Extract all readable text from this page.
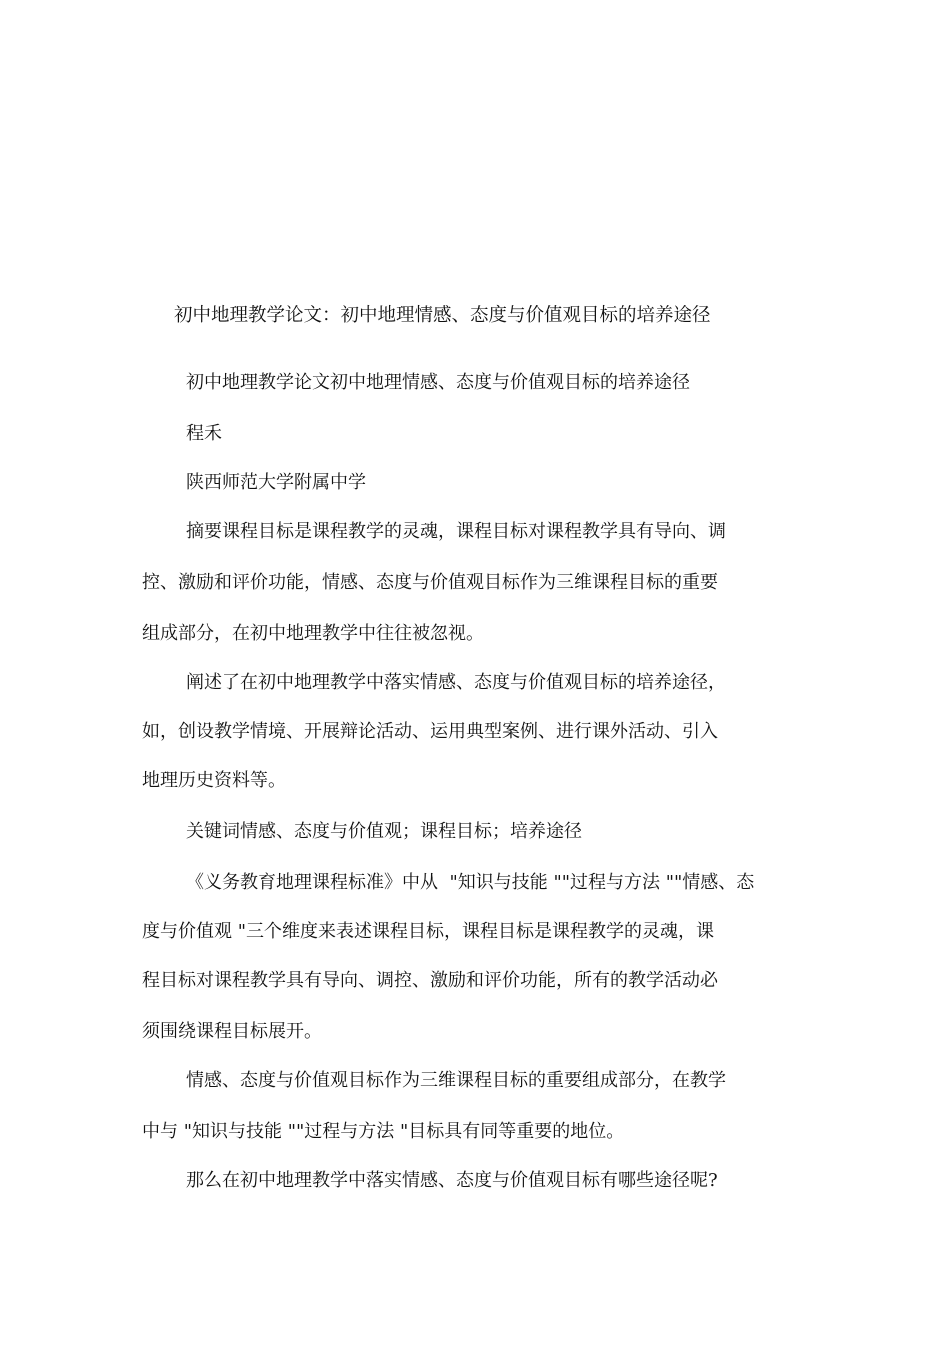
初中地理教学论文：初中地理情感、态度与价值观目标的培养途径
初中地理教学论文初中地理情感、态度与价值观目标的培养途径
程禾
陕西师范大学附属中学
摘要课程目标是课程教学的灵魂，课程目标对课程教学具有导向、调
控、激励和评价功能，情感、态度与价值观目标作为三维课程目标的重要
组成部分，在初中地理教学中往往被忽视。
阐述了在初中地理教学中落实情感、态度与价值观目标的培养途径，
如，创设教学情境、开展辩论活动、运用典型案例、进行课外活动、引入
地理历史资料等。
关键词情感、态度与价值观；课程目标；培养途径
《义务教育地理课程标准》中从  "知识与技能 ""过程与方法 ""情感、态
度与价值观 "三个维度来表述课程目标，课程目标是课程教学的灵魂，课
程目标对课程教学具有导向、调控、激励和评价功能，所有的教学活动必
须围绕课程目标展开。
情感、态度与价值观目标作为三维课程目标的重要组成部分，在教学
中与 "知识与技能 ""过程与方法 "目标具有同等重要的地位。
那么在初中地理教学中落实情感、态度与价值观目标有哪些途径呢?
